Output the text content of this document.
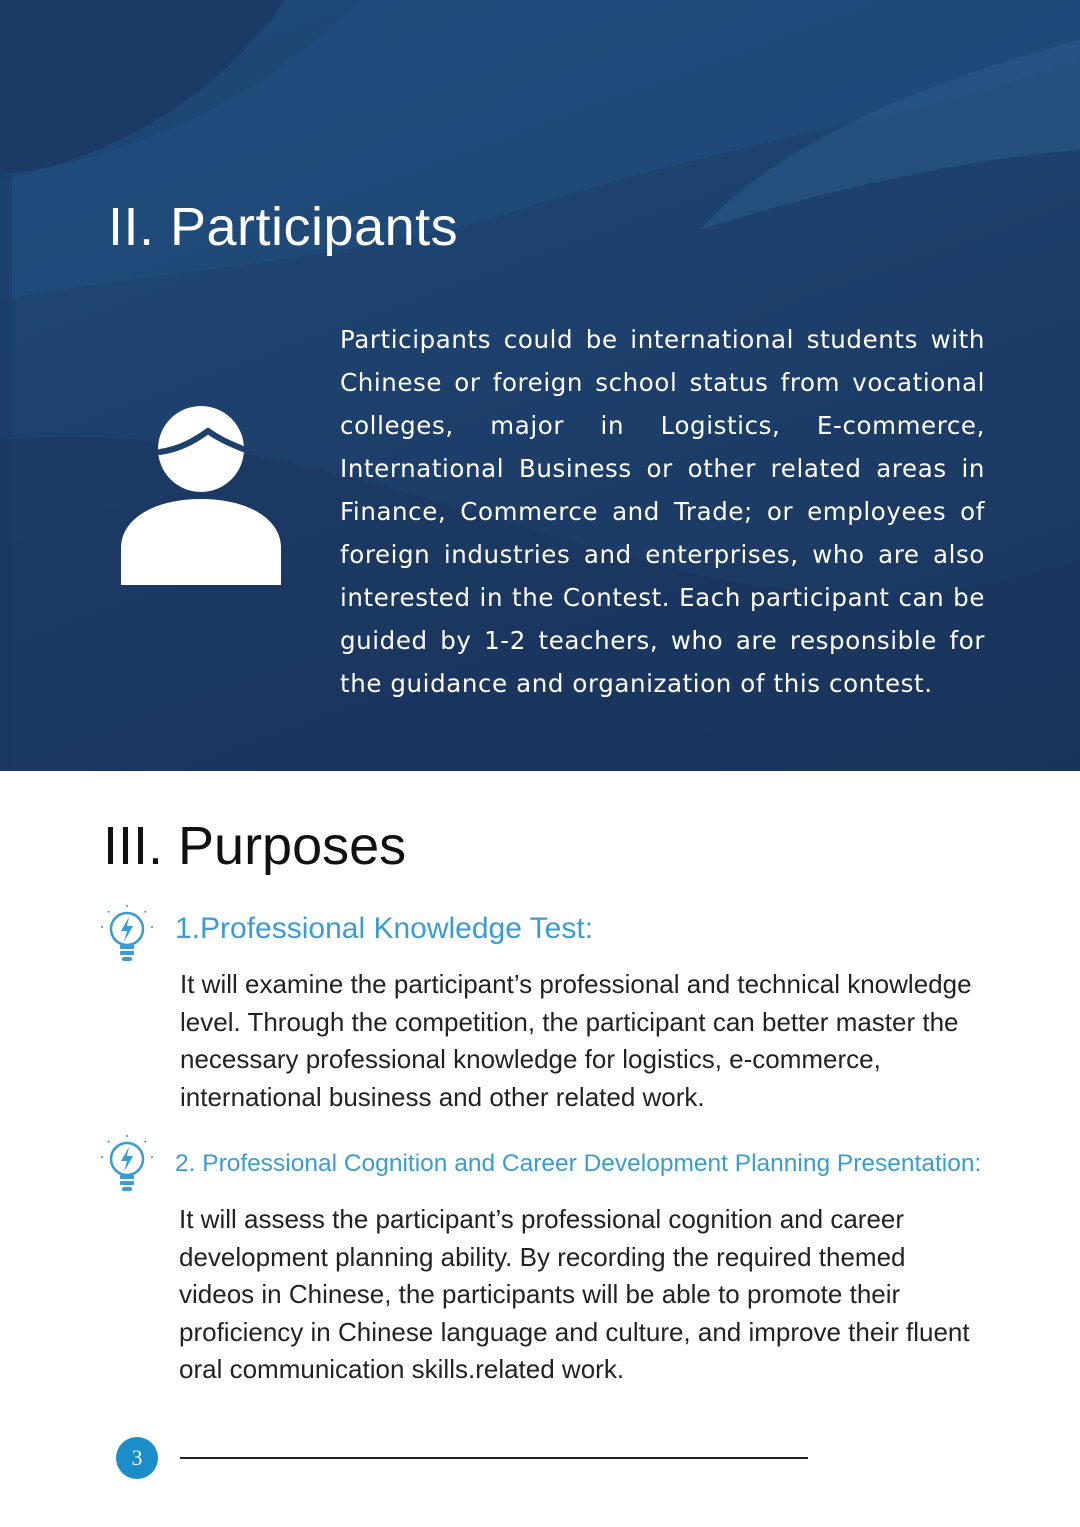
II. Participants

Participants could be international students with Chinese or foreign school status from vocational colleges, major in Logistics, E-commerce, International Business or other related areas in Finance, Commerce and Trade; or employees of foreign industries and enterprises, who are also interested in the Contest. Each participant can be guided by 1-2 teachers, who are responsible for the guidance and organization of this contest.

III. Purposes
1.Professional Knowledge Test:

It will examine the participant’s professional and technical knowledge level. Through the competition, the participant can better master the necessary professional knowledge for logistics, e-commerce, international business and other related work.

2. Professional Cognition and Career Development Planning Presentation:

It will assess the participant’s professional cognition and career development planning ability. By recording the required themed videos in Chinese, the participants will be able to promote their proficiency in Chinese language and culture, and improve their fluent oral communication skills.related work.

3
